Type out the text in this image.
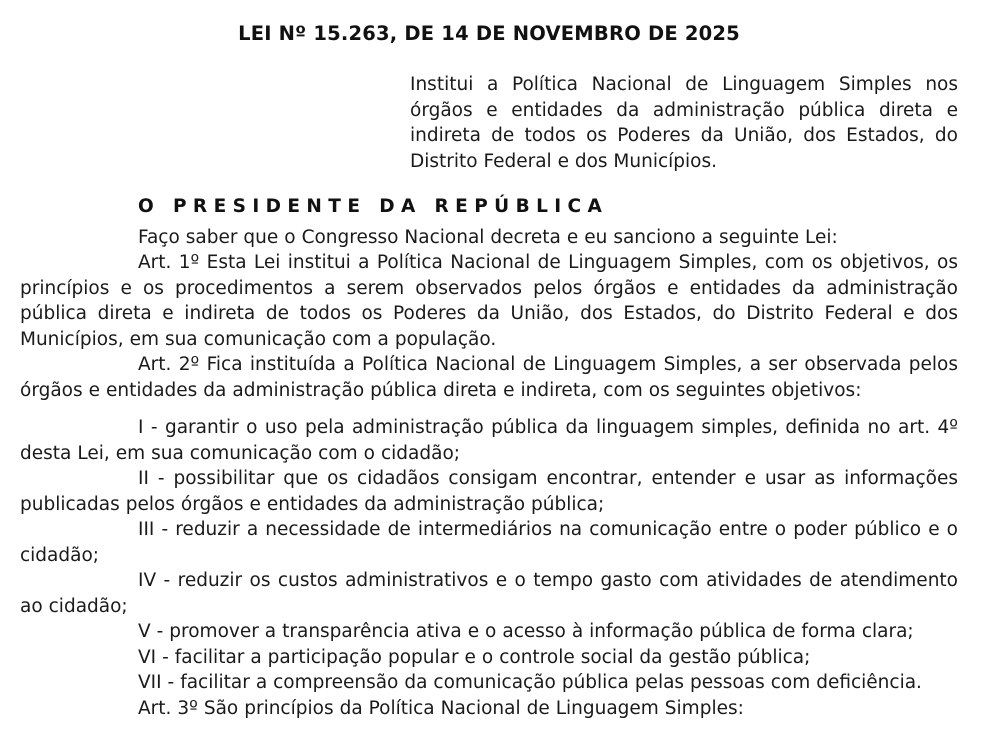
LEI Nº 15.263, DE 14 DE NOVEMBRO DE 2025
Institui a Política Nacional de Linguagem Simples nos órgãos e entidades da administração pública direta e indireta de todos os Poderes da União, dos Estados, do Distrito Federal e dos Municípios.
O PRESIDENTE DA REPÚBLICA

Faço saber que o Congresso Nacional decreta e eu sanciono a seguinte Lei:

Art. 1º Esta Lei institui a Política Nacional de Linguagem Simples, com os objetivos, os princípios e os procedimentos a serem observados pelos órgãos e entidades da administração pública direta e indireta de todos os Poderes da União, dos Estados, do Distrito Federal e dos Municípios, em sua comunicação com a população.

Art. 2º Fica instituída a Política Nacional de Linguagem Simples, a ser observada pelos órgãos e entidades da administração pública direta e indireta, com os seguintes objetivos:

I - garantir o uso pela administração pública da linguagem simples, definida no art. 4º desta Lei, em sua comunicação com o cidadão;

II - possibilitar que os cidadãos consigam encontrar, entender e usar as informações publicadas pelos órgãos e entidades da administração pública;

III - reduzir a necessidade de intermediários na comunicação entre o poder público e o cidadão;

IV - reduzir os custos administrativos e o tempo gasto com atividades de atendimento ao cidadão;

V - promover a transparência ativa e o acesso à informação pública de forma clara;

VI - facilitar a participação popular e o controle social da gestão pública;

VII - facilitar a compreensão da comunicação pública pelas pessoas com deficiência.

Art. 3º São princípios da Política Nacional de Linguagem Simples:
